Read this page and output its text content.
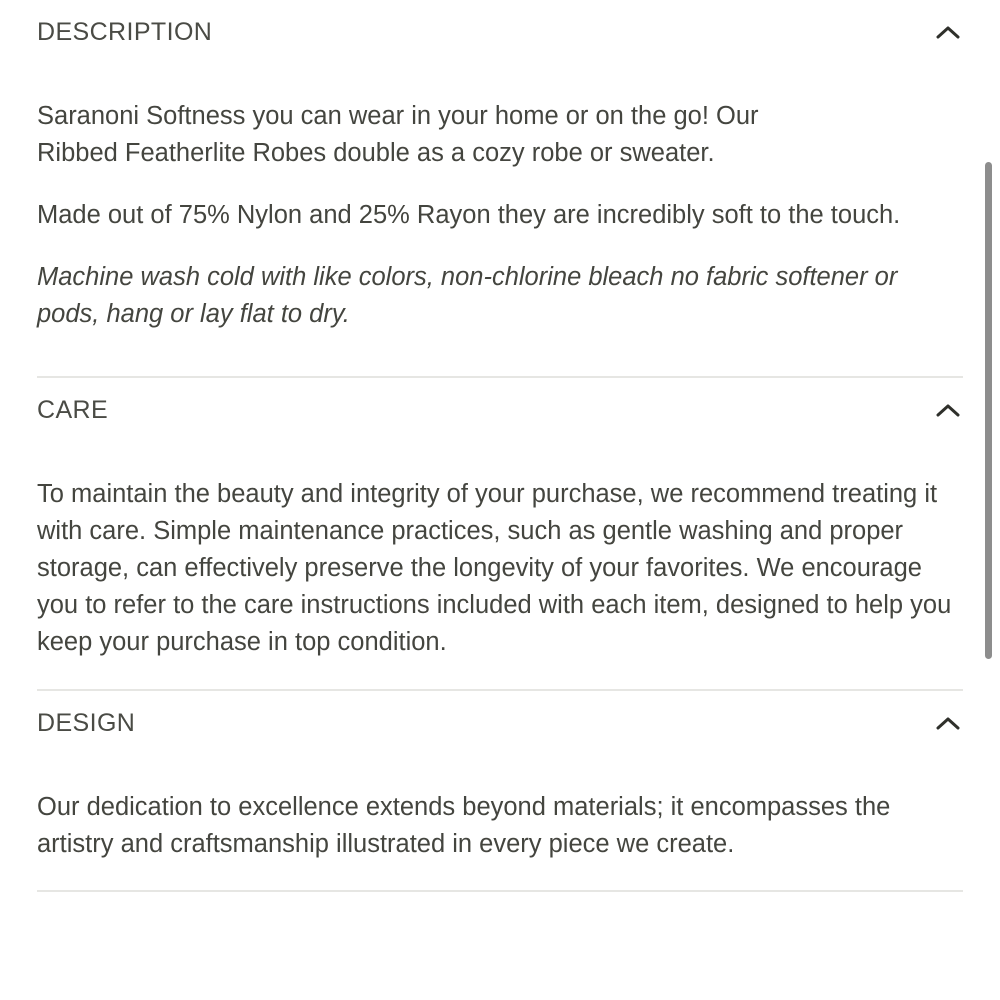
DESCRIPTION

Saranoni Softness you can wear in your home or on the go! Our Ribbed Featherlite Robes double as a cozy robe or sweater.

Made out of 75% Nylon and 25% Rayon they are incredibly soft to the touch.

Machine wash cold with like colors, non-chlorine bleach no fabric softener or pods, hang or lay flat to dry.

CARE

To maintain the beauty and integrity of your purchase, we recommend treating it with care. Simple maintenance practices, such as gentle washing and proper storage, can effectively preserve the longevity of your favorites. We encourage you to refer to the care instructions included with each item, designed to help you keep your purchase in top condition.

DESIGN

Our dedication to excellence extends beyond materials; it encompasses the artistry and craftsmanship illustrated in every piece we create.
